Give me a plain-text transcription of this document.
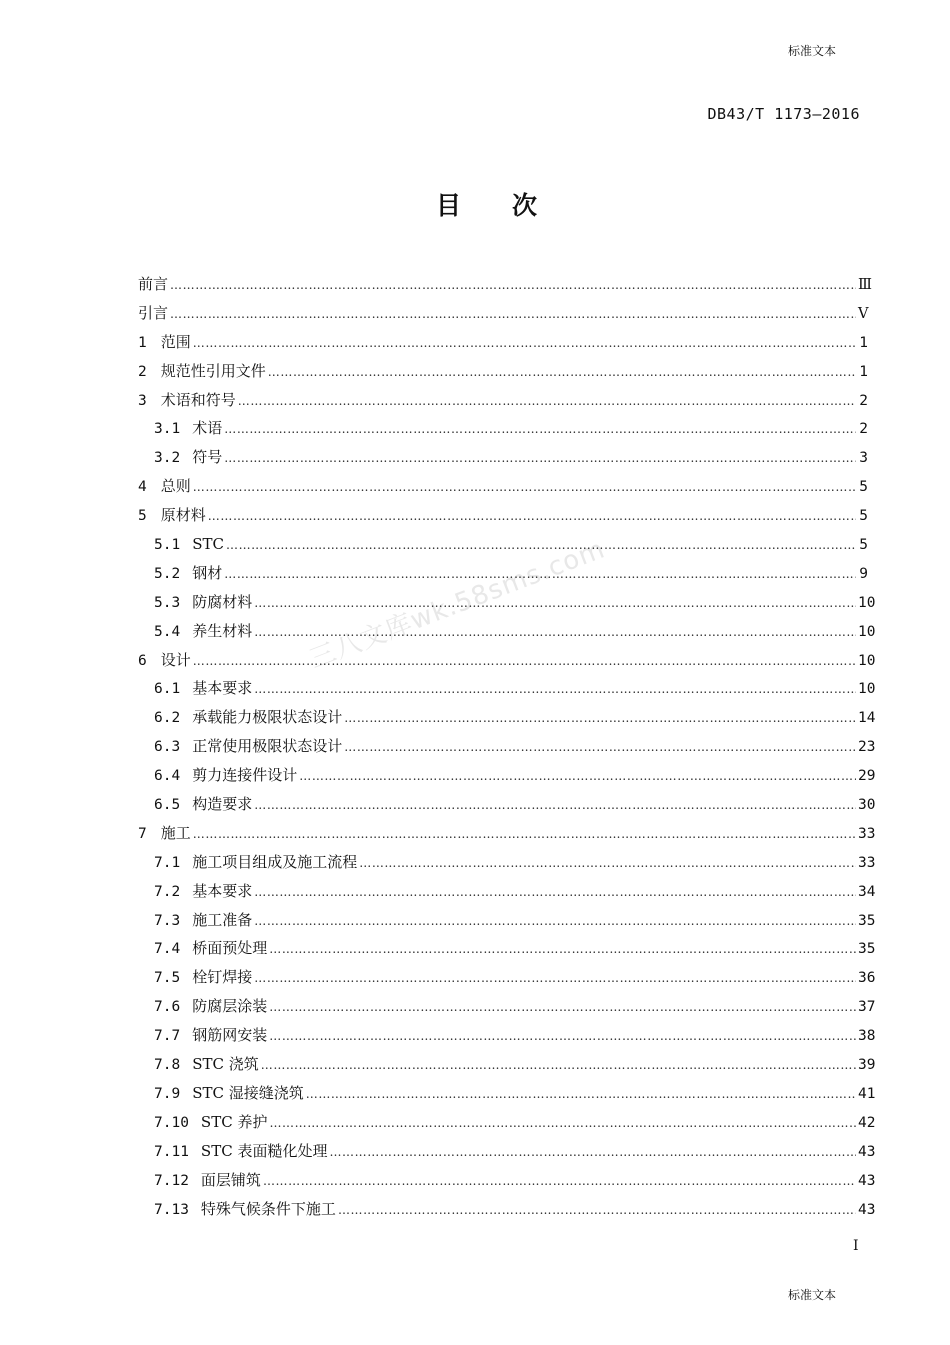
标准文本
DB43/T 1173—2016
目 次
三八文库wk.58sms.com
前言 ……………………………………………………………………………………………………………………………………………………………………………………………………………………………………………………	Ⅲ
引言 ……………………………………………………………………………………………………………………………………………………………………………………………………………………………………………………	Ⅴ
1 范围 ……………………………………………………………………………………………………………………………………………………………………………………………………………………………………………………	1
2 规范性引用文件 ……………………………………………………………………………………………………………………………………………………………………………………………………………………………………………………	1
3 术语和符号 ……………………………………………………………………………………………………………………………………………………………………………………………………………………………………………………	2
3.1 术语 ……………………………………………………………………………………………………………………………………………………………………………………………………………………………………………………	2
3.2 符号 ……………………………………………………………………………………………………………………………………………………………………………………………………………………………………………………	3
4 总则 ……………………………………………………………………………………………………………………………………………………………………………………………………………………………………………………	5
5 原材料 ……………………………………………………………………………………………………………………………………………………………………………………………………………………………………………………	5
5.1 STC ……………………………………………………………………………………………………………………………………………………………………………………………………………………………………………………	5
5.2 钢材 ……………………………………………………………………………………………………………………………………………………………………………………………………………………………………………………	9
5.3 防腐材料 ……………………………………………………………………………………………………………………………………………………………………………………………………………………………………………………	10
5.4 养生材料 ……………………………………………………………………………………………………………………………………………………………………………………………………………………………………………………	10
6 设计 ……………………………………………………………………………………………………………………………………………………………………………………………………………………………………………………	10
6.1 基本要求 ……………………………………………………………………………………………………………………………………………………………………………………………………………………………………………………	10
6.2 承载能力极限状态设计 ……………………………………………………………………………………………………………………………………………………………………………………………………………………………………………………	14
6.3 正常使用极限状态设计 ……………………………………………………………………………………………………………………………………………………………………………………………………………………………………………………	23
6.4 剪力连接件设计 ……………………………………………………………………………………………………………………………………………………………………………………………………………………………………………………	29
6.5 构造要求 ……………………………………………………………………………………………………………………………………………………………………………………………………………………………………………………	30
7 施工 ……………………………………………………………………………………………………………………………………………………………………………………………………………………………………………………	33
7.1 施工项目组成及施工流程 ……………………………………………………………………………………………………………………………………………………………………………………………………………………………………………………	33
7.2 基本要求 ……………………………………………………………………………………………………………………………………………………………………………………………………………………………………………………	34
7.3 施工准备 ……………………………………………………………………………………………………………………………………………………………………………………………………………………………………………………	35
7.4 桥面预处理 ……………………………………………………………………………………………………………………………………………………………………………………………………………………………………………………	35
7.5 栓钉焊接 ……………………………………………………………………………………………………………………………………………………………………………………………………………………………………………………	36
7.6 防腐层涂装 ……………………………………………………………………………………………………………………………………………………………………………………………………………………………………………………	37
7.7 钢筋网安装 ……………………………………………………………………………………………………………………………………………………………………………………………………………………………………………………	38
7.8 STC 浇筑 ……………………………………………………………………………………………………………………………………………………………………………………………………………………………………………………	39
7.9 STC 湿接缝浇筑 ……………………………………………………………………………………………………………………………………………………………………………………………………………………………………………………	41
7.10 STC 养护 ……………………………………………………………………………………………………………………………………………………………………………………………………………………………………………………	42
7.11 STC 表面糙化处理 ……………………………………………………………………………………………………………………………………………………………………………………………………………………………………………………	43
7.12 面层铺筑 ……………………………………………………………………………………………………………………………………………………………………………………………………………………………………………………	43
7.13 特殊气候条件下施工 ……………………………………………………………………………………………………………………………………………………………………………………………………………………………………………………	43
I
标准文本
